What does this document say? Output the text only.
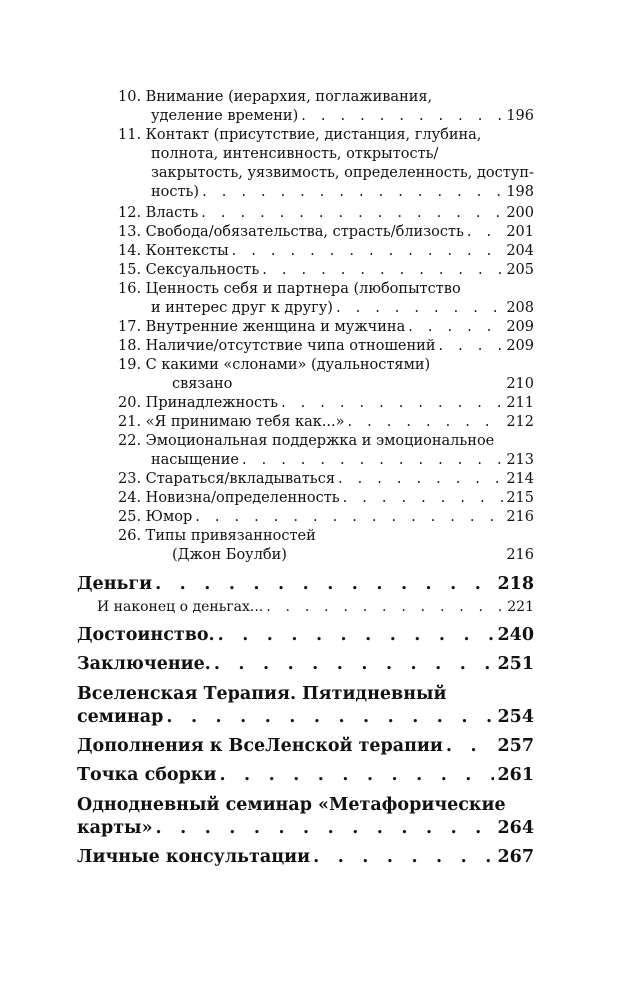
10. Внимание (иерархия, поглаживания,
уделение времени) . . .	196
11. Контакт (присутствие, дистанция, глубина,
полнота, интенсивность, открытость/
закрытость, уязвимость, определенность, доступ-
ность) . . .	198
12. Власть . . .	200
13. Свобода/обязательства, страсть/близость . . .	201
14. Контексты . . .	204
15. Сексуальность . . .	205
16. Ценность себя и партнера (любопытство
и интерес друг к другу) . . .	208
17. Внутренние женщина и мужчина . . .	209
18. Наличие/отсутствие чипа отношений . . .	209
19. С какими «слонами» (дуальностями)
связано	210
20. Принадлежность . . .	211
21. «Я принимаю тебя как...» . . .	212
22. Эмоциональная поддержка и эмоциональное
насыщение . . .	213
23. Стараться/вкладываться . . .	214
24. Новизна/определенность . . .	215
25. Юмор . . .	216
26. Типы привязанностей
(Джон Боулби)	216
Деньги . . .	218
И наконец о деньгах... . . .	221
Достоинство. . . .	240
Заключение. . . .	251
Вселенская Терапия. Пятидневный
семинар . . .	254
Дополнения к ВсеЛенской терапии . . .	257
Точка сборки . . .	261
Однодневный семинар «Метафорические
карты» . . .	264
Личные консультации . . .	267
